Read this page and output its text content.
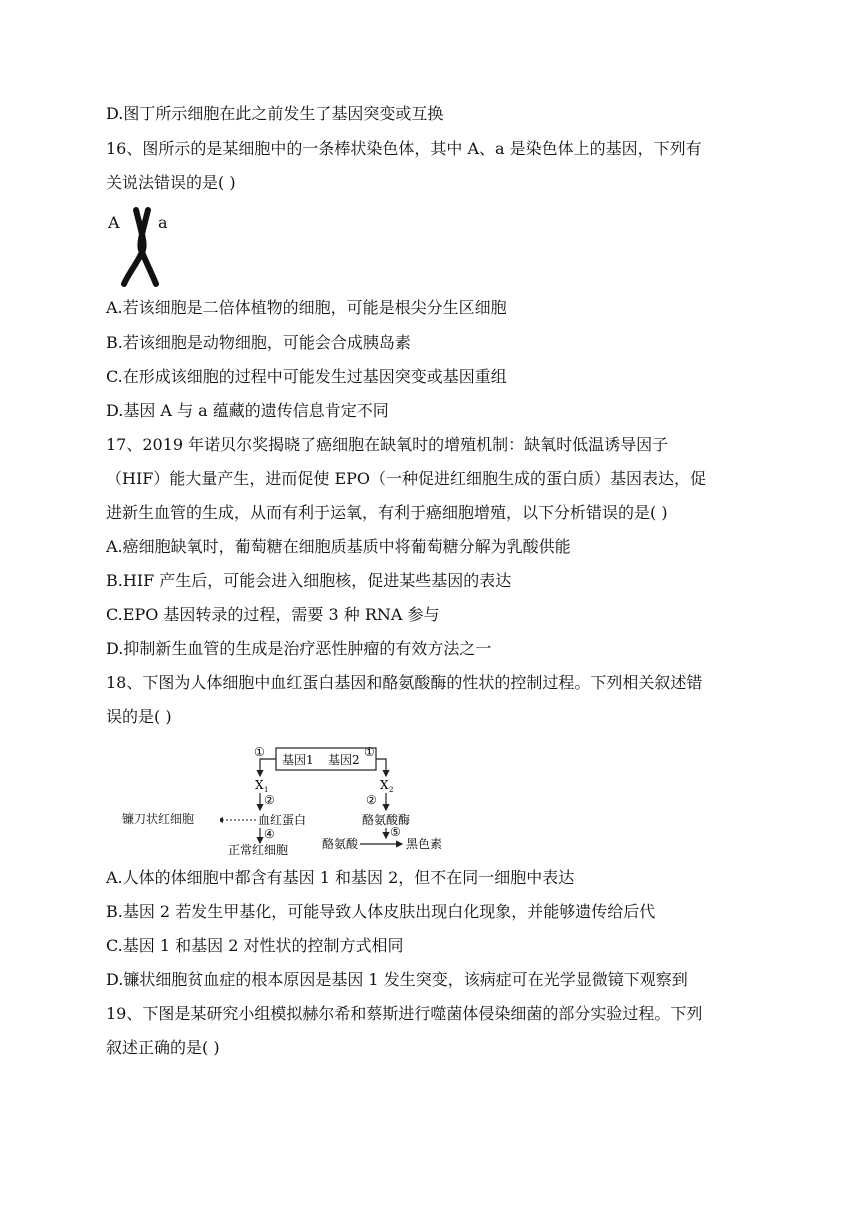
D.图丁所示细胞在此之前发生了基因突变或互换
16、图所示的是某细胞中的一条棒状染色体，其中 A、a 是染色体上的基因，下列有
关说法错误的是( )
A a
A.若该细胞是二倍体植物的细胞，可能是根尖分生区细胞
B.若该细胞是动物细胞，可能会合成胰岛素
C.在形成该细胞的过程中可能发生过基因突变或基因重组
D.基因 A 与 a 蕴藏的遗传信息肯定不同
17、2019 年诺贝尔奖揭晓了癌细胞在缺氧时的增殖机制：缺氧时低温诱导因子
（HIF）能大量产生，进而促使 EPO（一种促进红细胞生成的蛋白质）基因表达，促
进新生血管的生成，从而有利于运氧，有利于癌细胞增殖，以下分析错误的是( )
A.癌细胞缺氧时，葡萄糖在细胞质基质中将葡萄糖分解为乳酸供能
B.HIF 产生后，可能会进入细胞核，促进某些基因的表达
C.EPO 基因转录的过程，需要 3 种 RNA 参与
D.抑制新生血管的生成是治疗恶性肿瘤的有效方法之一
18、下图为人体细胞中血红蛋白基因和酪氨酸酶的性状的控制过程。下列相关叙述错
误的是( )
基因1 基因2
①
X 1
②
血红蛋白
④
正常红细胞
①
X 2
②
酪氨酸酶
⑤
酪氨酸	黑色素
镰刀状红细胞
A.人体的体细胞中都含有基因 1 和基因 2，但不在同一细胞中表达
B.基因 2 若发生甲基化，可能导致人体皮肤出现白化现象，并能够遗传给后代
C.基因 1 和基因 2 对性状的控制方式相同
D.镰状细胞贫血症的根本原因是基因 1 发生突变，该病症可在光学显微镜下观察到
19、下图是某研究小组模拟赫尔希和蔡斯进行噬菌体侵染细菌的部分实验过程。下列
叙述正确的是( )
